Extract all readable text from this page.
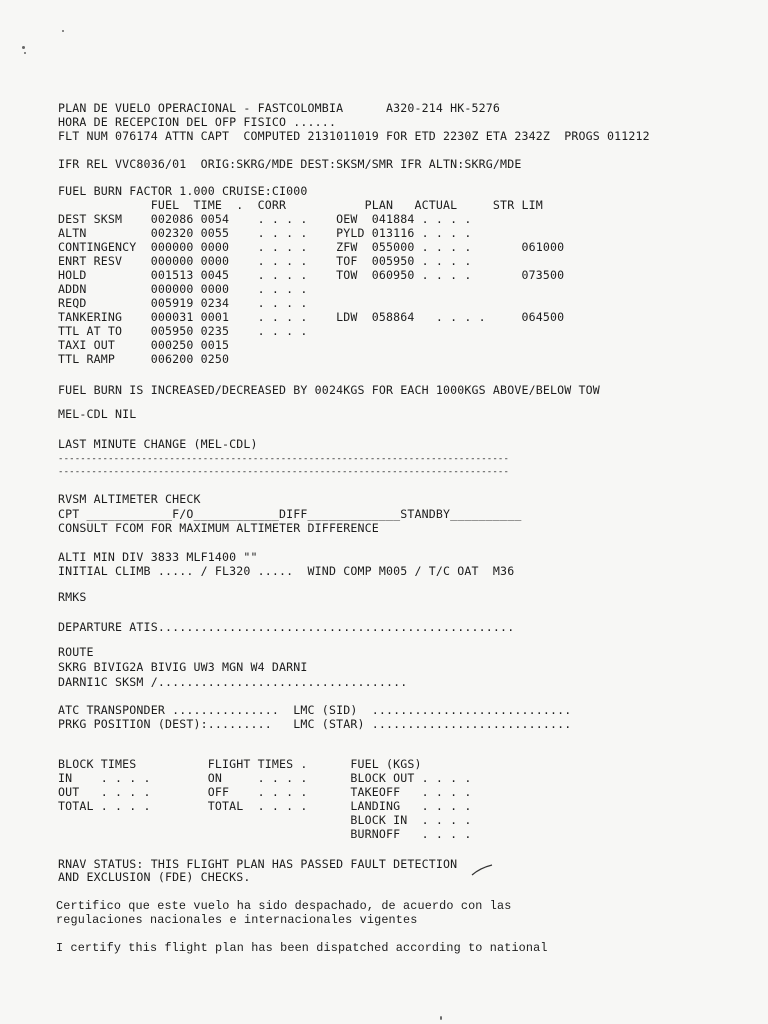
PLAN DE VUELO OPERACIONAL - FASTCOLOMBIA      A320-214 HK-5276
HORA DE RECEPCION DEL OFP FISICO ......
FLT NUM 076174 ATTN CAPT  COMPUTED 2131011019 FOR ETD 2230Z ETA 2342Z  PROGS 011212
IFR REL VVC8036/01  ORIG:SKRG/MDE DEST:SKSM/SMR IFR ALTN:SKRG/MDE
FUEL BURN FACTOR 1.000 CRUISE:CI000
FUEL  TIME  .  CORR           PLAN   ACTUAL     STR LIM
DEST SKSM    002086 0054    . . . .    OEW  041884 . . . .
ALTN         002320 0055    . . . .    PYLD 013116 . . . .
CONTINGENCY  000000 0000    . . . .    ZFW  055000 . . . .       061000
ENRT RESV    000000 0000    . . . .    TOF  005950 . . . .
HOLD         001513 0045    . . . .    TOW  060950 . . . .       073500
ADDN         000000 0000    . . . .
REQD         005919 0234    . . . .
TANKERING    000031 0001    . . . .    LDW  058864   . . . .     064500
TTL AT TO    005950 0235    . . . .
TAXI OUT     000250 0015
TTL RAMP     006200 0250
FUEL BURN IS INCREASED/DECREASED BY 0024KGS FOR EACH 1000KGS ABOVE/BELOW TOW
MEL-CDL NIL
LAST MINUTE CHANGE (MEL-CDL)
---------------------------------------------------------------------------------
---------------------------------------------------------------------------------
RVSM ALTIMETER CHECK
CPT ____________F/O____________DIFF_____________STANDBY__________
CONSULT FCOM FOR MAXIMUM ALTIMETER DIFFERENCE
ALTI MIN DIV 3833 MLF1400 ""
INITIAL CLIMB ..... / FL320 .....  WIND COMP M005 / T/C OAT  M36
RMKS
DEPARTURE ATIS..................................................
ROUTE
SKRG BIVIG2A BIVIG UW3 MGN W4 DARNI
DARNI1C SKSM /...................................
ATC TRANSPONDER ...............  LMC (SID)  ............................
PRKG POSITION (DEST):.........   LMC (STAR) ............................
BLOCK TIMES          FLIGHT TIMES .      FUEL (KGS)
IN    . . . .        ON     . . . .      BLOCK OUT . . . .
OUT   . . . .        OFF    . . . .      TAKEOFF   . . . .
TOTAL . . . .        TOTAL  . . . .      LANDING   . . . .
BLOCK IN  . . . .
BURNOFF   . . . .
RNAV STATUS: THIS FLIGHT PLAN HAS PASSED FAULT DETECTION
AND EXCLUSION (FDE) CHECKS.
Certifico que este vuelo ha sido despachado, de acuerdo con las
regulaciones nacionales e internacionales vigentes
I certify this flight plan has been dispatched according to national
